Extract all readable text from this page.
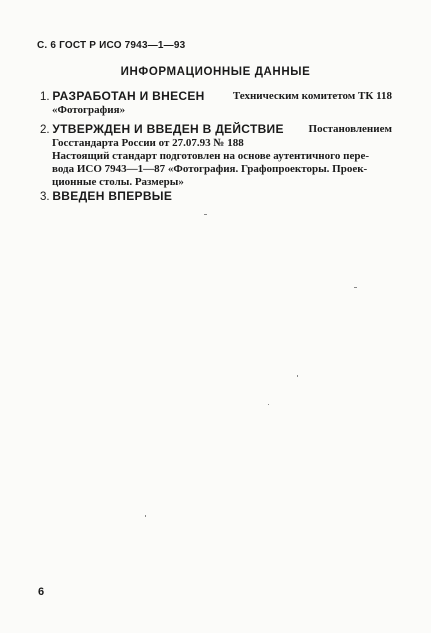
С. 6 ГОСТ Р ИСО 7943—1—93
ИНФОРМАЦИОННЫЕ ДАННЫЕ
1. РАЗРАБОТАН И ВНЕСЕН	Техническим комитетом ТК 118
«Фотография»
2. УТВЕРЖДЕН И ВВЕДЕН В ДЕЙСТВИЕ Постановлением
Госстандарта России от 27.07.93 № 188
Настоящий стандарт подготовлен на основе аутентичного пере-
вода ИСО 7943—1—87 «Фотография. Графопроекторы. Проек-
ционные столы. Размеры»
3. ВВЕДЕН ВПЕРВЫЕ
6
